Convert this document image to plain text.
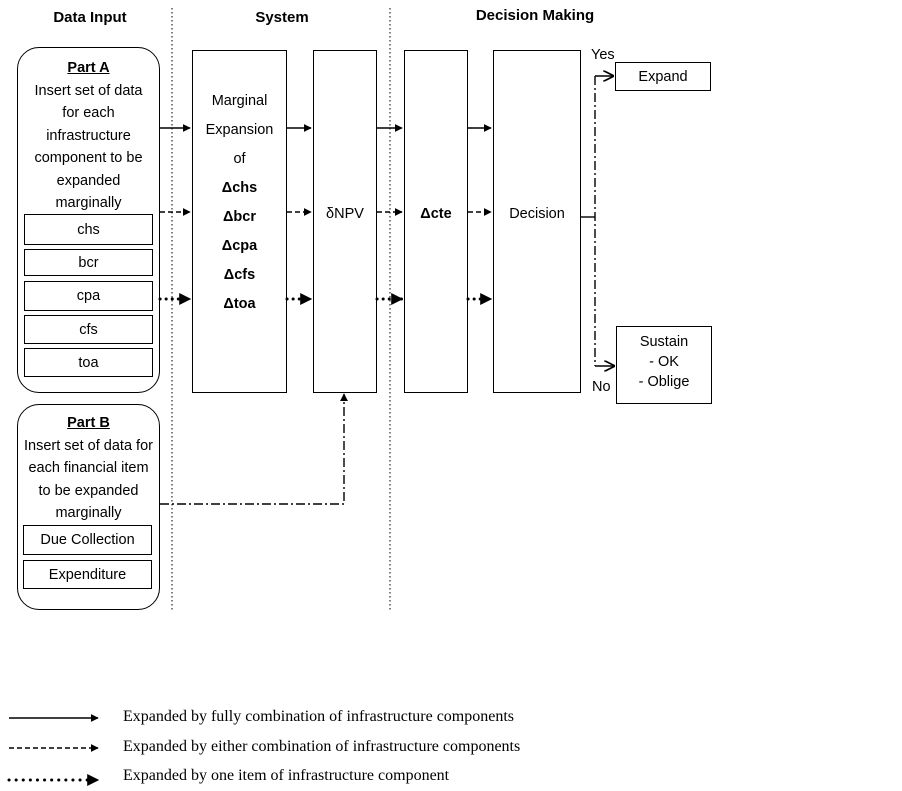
Data Input	System	Decision Making
Part A
Insert set of data
for each
infrastructure
component to be
expanded
marginally
chs
bcr
cpa
cfs
toa
Part B
Insert set of data for
each financial item
to be expanded
marginally
Due Collection
Expenditure
Marginal
Expansion
of
Δchs
Δbcr
Δcpa
Δcfs
Δtoa
δNPV	Δcte	Decision
Yes
No
Expand
Sustain
- OK
- Oblige
Expanded by fully combination of infrastructure components
Expanded by either combination of infrastructure components
Expanded by one item of infrastructure component
